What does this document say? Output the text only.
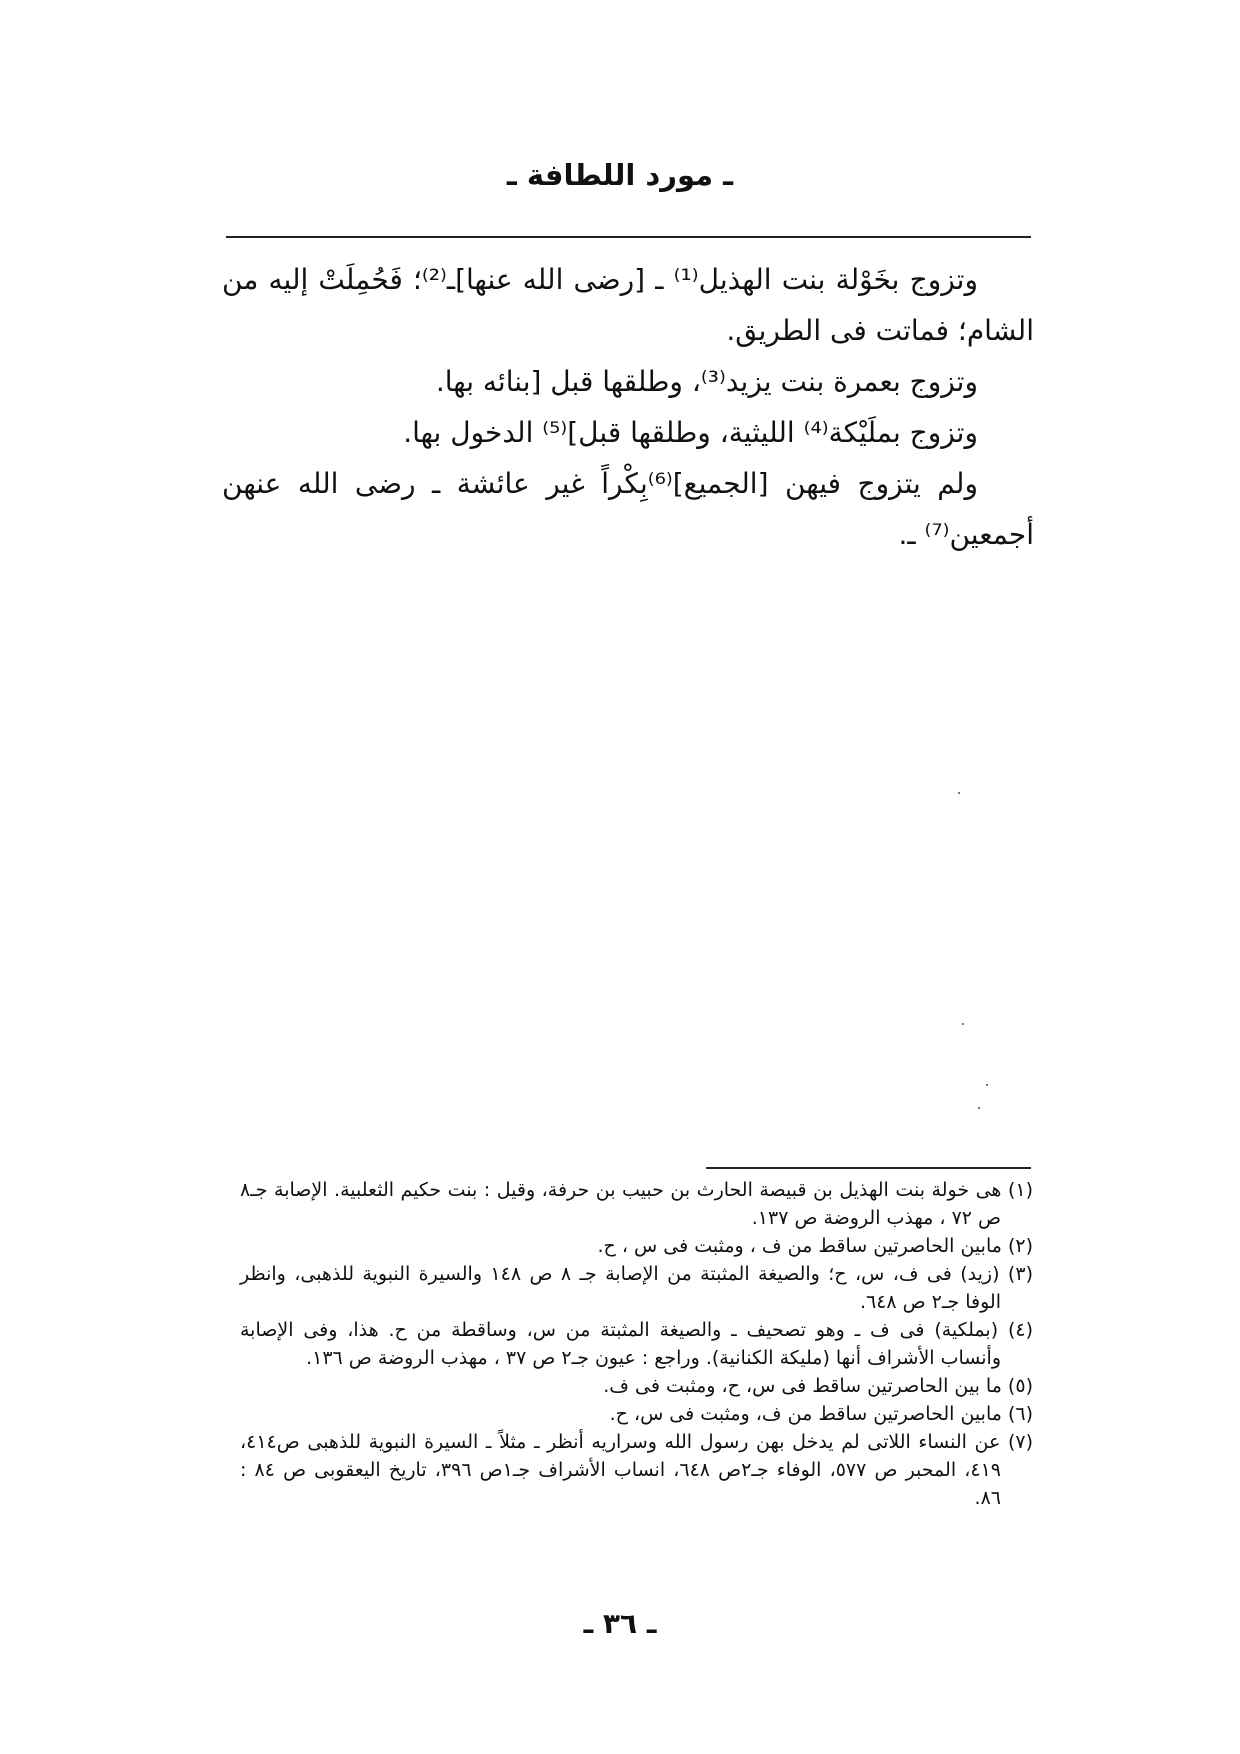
ـ مورد اللطافة ـ

وتزوج بخَوْلة بنت الهذيل⁽¹⁾ ـ [رضى الله عنها]ـ⁽²⁾؛ فَحُمِلَتْ إليه من الشام؛ فماتت فى الطريق.

وتزوج بعمرة بنت يزيد⁽³⁾، وطلقها قبل [بنائه بها.

وتزوج بملَيْكة⁽⁴⁾ الليثية، وطلقها قبل]⁽⁵⁾ الدخول بها.

ولم يتزوج فيهن [الجميع]⁽⁶⁾بِكْراً غير عائشة ـ رضى الله عنهن أجمعين⁽⁷⁾ ـ.

(١) هى خولة بنت الهذيل بن قبيصة الحارث بن حبيب بن حرفة، وقيل : بنت حكيم الثعلبية. الإصابة جـ٨ ص ٧٢ ، مهذب الروضة ص ١٣٧.

(٢) مابين الحاصرتين ساقط من ف ، ومثبت فى س ، ح.

(٣) (زيد) فى ف، س، ح؛ والصيغة المثبتة من الإصابة جـ ٨ ص ١٤٨ والسيرة النبوية للذهبى، وانظر الوفا جـ٢ ص ٦٤٨.

(٤) (بملكية) فى ف ـ وهو تصحيف ـ والصيغة المثبتة من س، وساقطة من ح. هذا، وفى الإصابة وأنساب الأشراف أنها (مليكة الكنانية). وراجع : عيون جـ٢ ص ٣٧ ، مهذب الروضة ص ١٣٦.

(٥) ما بين الحاصرتين ساقط فى س، ح، ومثبت فى ف.

(٦) مابين الحاصرتين ساقط من ف، ومثبت فى س، ح.

(٧) عن النساء اللاتى لم يدخل بهن رسول الله وسراريه أنظر ـ مثلاً ـ السيرة النبوية للذهبى ص٤١٤، ٤١٩، المحبر ص ٥٧٧، الوفاء جـ٢ص ٦٤٨، انساب الأشراف جـ١ص ٣٩٦، تاريخ اليعقوبى ص ٨٤ : ٨٦.

ـ ٣٦ ـ
